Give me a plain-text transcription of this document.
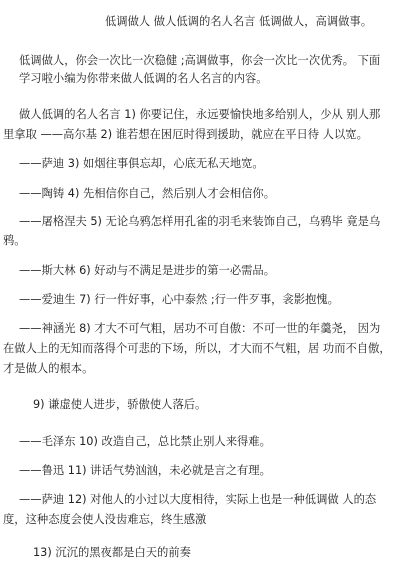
低调做人 做人低调的名人名言 低调做人，高调做事。
低调做人，你会一次比一次稳健 ;高调做事，你会一次比一次优秀。 下面
学习啦小编为你带来做人低调的名人名言的内容。
做人低调的名人名言 1) 你要记住，永远要愉快地多给别人，少从 别人那
里拿取 ——高尔基 2) 谁若想在困厄时得到援助，就应在平日待 人以宽。
——萨迪 3) 如烟往事俱忘却，心底无私天地宽。
——陶铸 4) 先相信你自己，然后别人才会相信你。
——屠格涅夫 5) 无论乌鸦怎样用孔雀的羽毛来装饰自己，乌鸦毕 竟是乌
鸦。
——斯大林 6) 好动与不满足是进步的第一必需品。
——爱迪生 7) 行一件好事，心中泰然 ;行一件歹事，衾影抱愧。
——神涵光 8) 才大不可气粗，居功不可自傲：不可一世的年羹尧， 因为
在做人上的无知而落得个可悲的下场，所以，才大而不气粗，居 功而不自傲，
才是做人的根本。
9) 谦虚使人进步，骄傲使人落后。
——毛泽东 10) 改造自己，总比禁止别人来得难。
——鲁迅 11) 讲话气势汹汹，未必就是言之有理。
——萨迪 12) 对他人的小过以大度相待，实际上也是一种低调做 人的态
度，这种态度会使人没齿难忘，终生感激
13) 沉沉的黑夜都是白天的前奏
